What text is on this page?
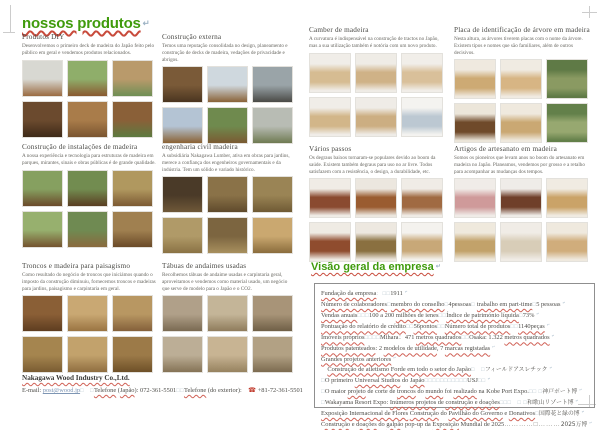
nossos produtos ↵
Produtos DIY

Desenvolvemos o primeiro deck de madeira do Japão feito pelo público em geral e vendemos produtos relacionados.

Construção de instalações de madeira

A nossa experiência e tecnologia para estruturas de madeira em parques, mirantes, sinais e obras públicas é de grande qualidade.

Troncos e madeira para paisagismo

Como resultado do negócio de troncos que iniciámos quando o imposto da construção diminuiu, fornecemos troncos e madeiras para jardins, paisagismo e carpintaria em geral.

Construção externa

Temos uma reputação consolidada no design, planeamento e construção de decks de madeira, vedações de privacidade e abrigos.

engenharia civil madeira

A subsidiária Nakagawa Lumber, ativa em obras para jardins, merece a confiança dos engenheiros governamentais e da indústria. Tem um sólido e variado histórico.

Tábuas de andaimes usadas

Recolhemos tábuas de andaime usadas e carpintaria geral, aproveitamos e vendemos como material usado, um negócio que serve de modelo para o Japão e o CO2.

Camber de madeira

A curvatura é indispensável na construção de tractos no Japão, mas a sua utilização também é notória com um novo produto.

Vários passos

Os degraus baixos tornaram-se populares devido ao boom da saúde. Existem também degraus para uso no ar livre. Todos satisfazem com a resistência, o design, a durabilidade, etc.

Placa de identificação de árvore em madeira

Nesta altura, as árvores tiverem placas com o nome da árvore. Existem tipos e nomes que são familiares, além de outros decisivos.

Artigos de artesanato em madeira

Somos os pioneiros que levam anos no boom do artesanato em madeira no Japão. Planeamos, vendemos por grosso e a retalho para acompanhar as mudanças dos tempos.

Visão geral da empresa ↵
Fundação da empresa：□□1911 ↵
Número de colaboradores□membro do conselho□4pessoas□ trabalho em part-time□5 pessoas ↵
Vendas anuais□□□100 a 200 milhões de ienes□□Índice de património líquida□73% ↵
Pontuação do relatório de crédito□□56pontos□□Número total de produtos□□1140peças ↵
Imóveis próprios□□□□Mihara：471 metros quadrados□□Osaka: 1.322 metros quadrados ↵
Produtos patenteados: 2 modelos de utilidade, 7 marcas registadas ↵
Grandes projetos anteriores ↵
　Construção de atletismo Forde em todo o setor do Japão□　□フィールドアスレチック ↵
□O primeiro Universal Studios do Japão□□□□□□□□□□□USJ□□ ↵
□O maior projeto de corte de troncos do mundo foi realizado na Kobe Port Expo.□□ □神戸ポート博 ↵
□Wakayama Resort Expo: Inúmeros projetos de construção e doações□□□　□ □和歌山リゾート博 ↵
Exposição Internacional de Flores Construção do Pavilhão do Governo e Donativos□国際花と緑の博 ↵
Construção e doações do galpão pop-up da Exposição Mundial de 2025…………□………2025万博 ↵

Nakagawa Wood Industry Co.,Ltd.

E-mail: post@wood.jp□　□Telefone (Japão): 072-361-5501□□Telefone (do exterior):　☎ +81-72-361-5501
